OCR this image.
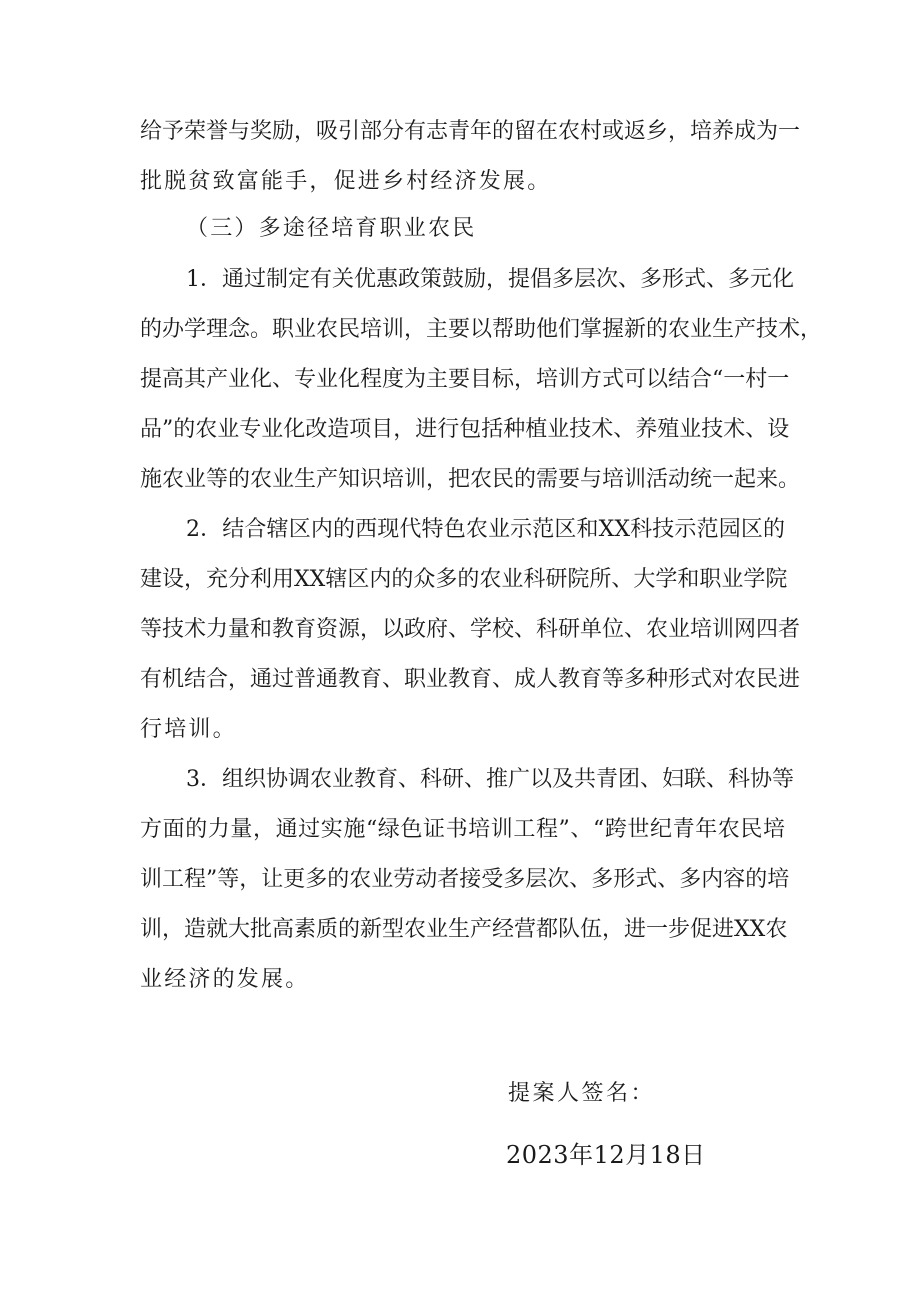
给予荣誉与奖励，吸引部分有志青年的留在农村或返乡，培养成为一
批脱贫致富能手，促进乡村经济发展。
（三）多途径培育职业农民
1．通过制定有关优惠政策鼓励，提倡多层次、多形式、多元化
的办学理念。职业农民培训，主要以帮助他们掌握新的农业生产技术，
提高其产业化、专业化程度为主要目标，培训方式可以结合“一村一
品”的农业专业化改造项目，进行包括种植业技术、养殖业技术、设
施农业等的农业生产知识培训，把农民的需要与培训活动统一起来。
2．结合辖区内的西现代特色农业示范区和XX科技示范园区的
建设，充分利用XX辖区内的众多的农业科研院所、大学和职业学院
等技术力量和教育资源，以政府、学校、科研单位、农业培训网四者
有机结合，通过普通教育、职业教育、成人教育等多种形式对农民进
行培训。
3．组织协调农业教育、科研、推广以及共青团、妇联、科协等
方面的力量，通过实施“绿色证书培训工程”、“跨世纪青年农民培
训工程”等，让更多的农业劳动者接受多层次、多形式、多内容的培
训，造就大批高素质的新型农业生产经营都队伍，进一步促进XX农
业经济的发展。
提案人签名：
2023年12月18日
